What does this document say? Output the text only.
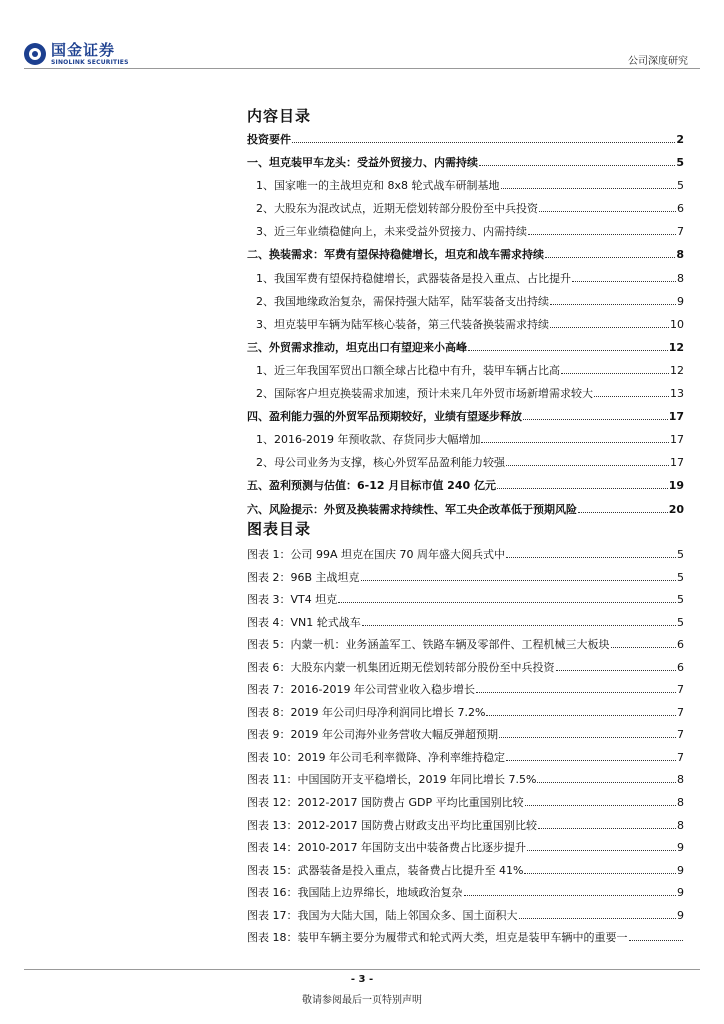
国金证券
SINOLINK SECURITIES	公司深度研究
内容目录
投资要件	2
一、坦克装甲车龙头：受益外贸接力、内需持续	5
1、国家唯一的主战坦克和 8x8 轮式战车研制基地	5
2、大股东为混改试点，近期无偿划转部分股份至中兵投资	6
3、近三年业绩稳健向上，未来受益外贸接力、内需持续	7
二、换装需求：军费有望保持稳健增长，坦克和战车需求持续	8
1、我国军费有望保持稳健增长，武器装备是投入重点、占比提升	8
2、我国地缘政治复杂，需保持强大陆军，陆军装备支出持续	9
3、坦克装甲车辆为陆军核心装备，第三代装备换装需求持续	10
三、外贸需求推动，坦克出口有望迎来小高峰	12
1、近三年我国军贸出口额全球占比稳中有升，装甲车辆占比高	12
2、国际客户坦克换装需求加速，预计未来几年外贸市场新增需求较大	13
四、盈利能力强的外贸军品预期较好，业绩有望逐步释放	17
1、2016-2019 年预收款、存货同步大幅增加	17
2、母公司业务为支撑，核心外贸军品盈利能力较强	17
五、盈利预测与估值：6-12 月目标市值 240 亿元	19
六、风险提示：外贸及换装需求持续性、军工央企改革低于预期风险	20
图表目录
图表 1：公司 99A 坦克在国庆 70 周年盛大阅兵式中	5
图表 2：96B 主战坦克	5
图表 3：VT4 坦克	5
图表 4：VN1 轮式战车	5
图表 5：内蒙一机：业务涵盖军工、铁路车辆及零部件、工程机械三大板块	6
图表 6：大股东内蒙一机集团近期无偿划转部分股份至中兵投资	6
图表 7：2016-2019 年公司营业收入稳步增长	7
图表 8：2019 年公司归母净利润同比增长 7.2%	7
图表 9：2019 年公司海外业务营收大幅反弹超预期	7
图表 10：2019 年公司毛利率微降、净利率维持稳定	7
图表 11：中国国防开支平稳增长，2019 年同比增长 7.5%	8
图表 12：2012-2017 国防费占 GDP 平均比重国别比较	8
图表 13：2012-2017 国防费占财政支出平均比重国别比较	8
图表 14：2010-2017 年国防支出中装备费占比逐步提升	9
图表 15：武器装备是投入重点，装备费占比提升至 41%	9
图表 16：我国陆上边界绵长，地域政治复杂	9
图表 17：我国为大陆大国，陆上邻国众多、国土面积大	9
图表 18：装甲车辆主要分为履带式和轮式两大类，坦克是装甲车辆中的重要一
- 3 -
敬请参阅最后一页特别声明
